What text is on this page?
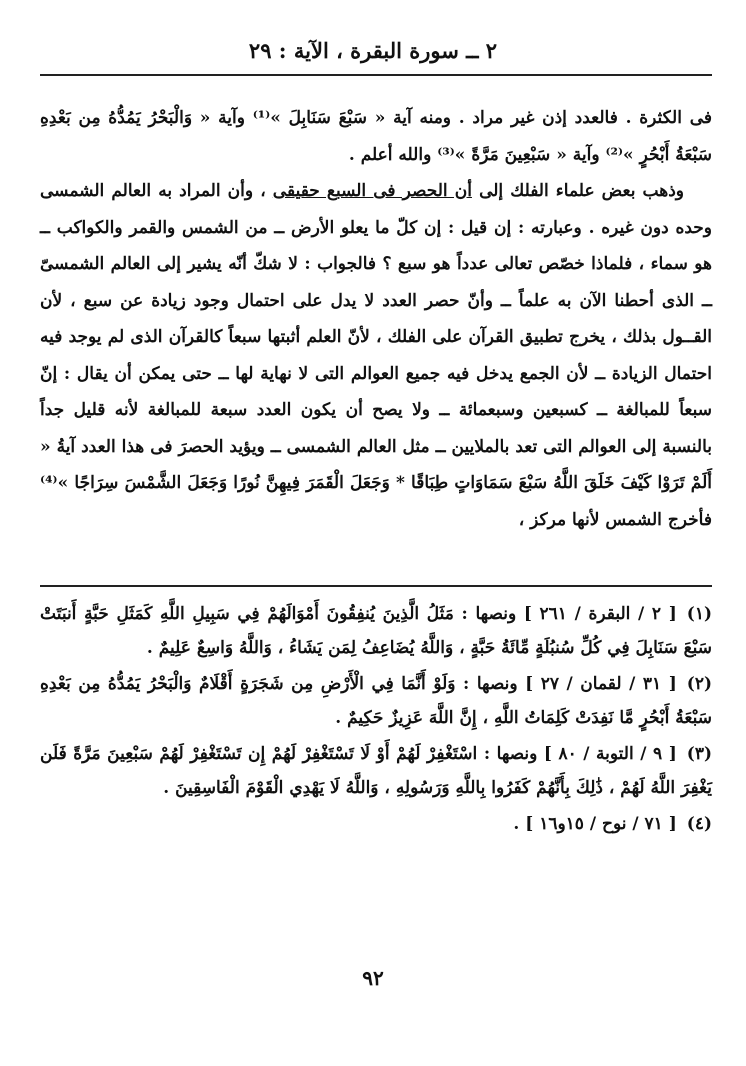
٢ ــ سورة البقرة ، الآية : ٢٩

فى الكثرة . فالعدد إذن غير مراد . ومنه آية « سَبْعَ سَنَابِلَ »⁽¹⁾ وآية « وَالْبَحْرُ يَمُدُّهُ مِن بَعْدِهِ سَبْعَةُ أَبْحُرٍ »⁽²⁾ وآية « سَبْعِينَ مَرَّةً »⁽³⁾ والله أعلم .

وذهب بعض علماء الفلك إلى أن الحصر فى السبع حقيقى ، وأن المراد به العالم الشمسى وحده دون غيره . وعبارته : إن قيل : إن كلّ ما يعلو الأرض ــ من الشمس والقمر والكواكب ــ هو سماء ، فلماذا خصّص تعالى عدداً هو سبع ؟ فالجواب : لا شكّ أنّه يشير إلى العالم الشمسىّ ــ الذى أحطنا الآن به علماً ــ وأنّ حصر العدد لا يدل على احتمال وجود زيادة عن سبع ، لأن القــول بذلك ، يخرج تطبيق القرآن على الفلك ، لأنّ العلم أثبتها سبعاً كالقرآن الذى لم يوجد فيه احتمال الزيادة ــ لأن الجمع يدخل فيه جميع العوالم التى لا نهاية لها ــ حتى يمكن أن يقال : إنّ سبعاً للمبالغة ــ كسبعين وسبعمائة ــ ولا يصح أن يكون العدد سبعة للمبالغة لأنه قليل جداً بالنسبة إلى العوالم التى تعد بالملايين ــ مثل العالم الشمسى ــ ويؤيد الحصرَ فى هذا العدد آيةُ « أَلَمْ تَرَوْا كَيْفَ خَلَقَ اللَّهُ سَبْعَ سَمَاوَاتٍ طِبَاقًا * وَجَعَلَ الْقَمَرَ فِيهِنَّ نُورًا وَجَعَلَ الشَّمْسَ سِرَاجًا »⁽⁴⁾ فأخرج الشمس لأنها مركز ،

(١)[ ٢ / البقرة / ٢٦١ ] ونصها : مَثَلُ الَّذِينَ يُنفِقُونَ أَمْوَالَهُمْ فِي سَبِيلِ اللَّهِ كَمَثَلِ حَبَّةٍ أَنبَتَتْ سَبْعَ سَنَابِلَ فِي كُلِّ سُنبُلَةٍ مِّائَةُ حَبَّةٍ ، وَاللَّهُ يُضَاعِفُ لِمَن يَشَاءُ ، وَاللَّهُ وَاسِعٌ عَلِيمٌ .

(٢)[ ٣١ / لقمان / ٢٧ ] ونصها : وَلَوْ أَنَّمَا فِي الْأَرْضِ مِن شَجَرَةٍ أَقْلَامٌ وَالْبَحْرُ يَمُدُّهُ مِن بَعْدِهِ سَبْعَةُ أَبْحُرٍ مَّا نَفِدَتْ كَلِمَاتُ اللَّهِ ، إِنَّ اللَّهَ عَزِيزٌ حَكِيمٌ .

(٣)[ ٩ / التوبة / ٨٠ ] ونصها : اسْتَغْفِرْ لَهُمْ أَوْ لَا تَسْتَغْفِرْ لَهُمْ إِن تَسْتَغْفِرْ لَهُمْ سَبْعِينَ مَرَّةً فَلَن يَغْفِرَ اللَّهُ لَهُمْ ، ذَٰلِكَ بِأَنَّهُمْ كَفَرُوا بِاللَّهِ وَرَسُولِهِ ، وَاللَّهُ لَا يَهْدِي الْقَوْمَ الْفَاسِقِينَ .

(٤)[ ٧١ / نوح / ١٥و١٦ ] .

٩٢
